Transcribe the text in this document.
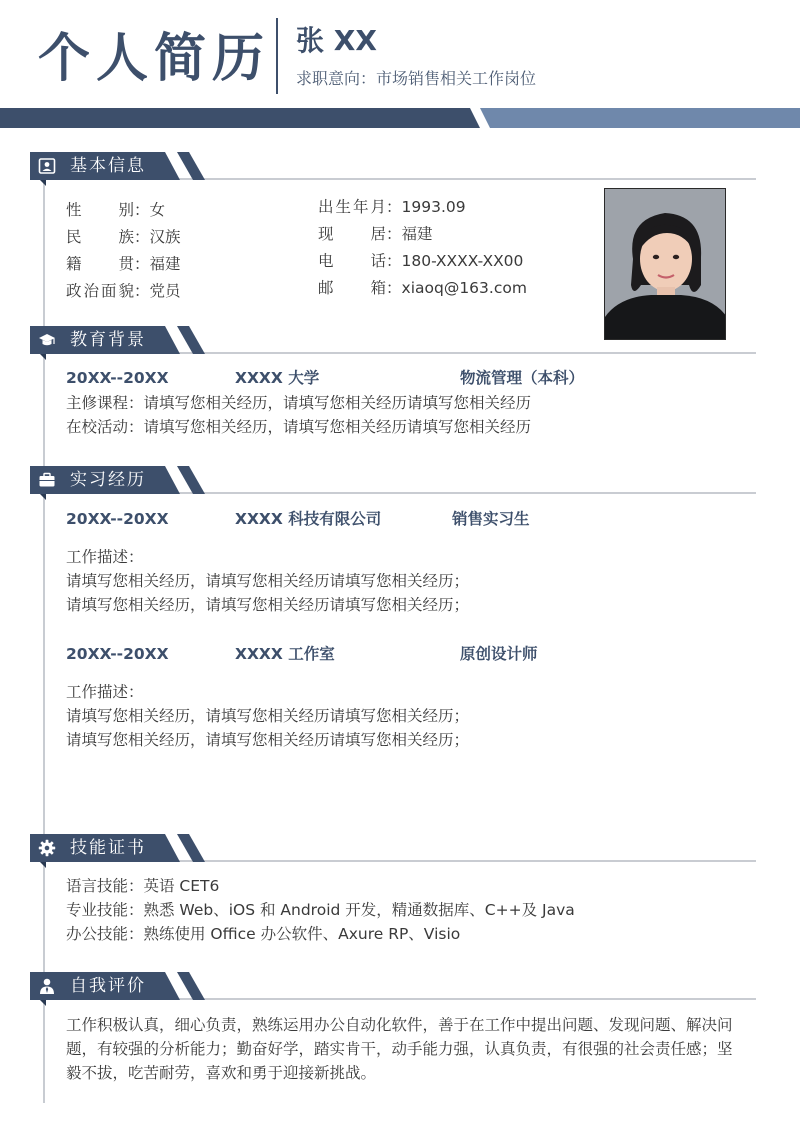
个人简历 张 XX
求职意向：市场销售相关工作岗位
基本信息
性别：女
民族：汉族
籍贯：福建
政治面貌：党员
出生年月：1993.09
现居：福建
电话：180-XXXX-XX00
邮箱：xiaoq@163.com
教育背景
20XX--20XX	XXXX 大学	物流管理（本科）
主修课程：请填写您相关经历，请填写您相关经历请填写您相关经历
在校活动：请填写您相关经历，请填写您相关经历请填写您相关经历
实习经历
20XX--20XX	XXXX 科技有限公司	销售实习生
工作描述：
请填写您相关经历，请填写您相关经历请填写您相关经历；
请填写您相关经历，请填写您相关经历请填写您相关经历；
20XX--20XX	XXXX 工作室	原创设计师
工作描述：
请填写您相关经历，请填写您相关经历请填写您相关经历；
请填写您相关经历，请填写您相关经历请填写您相关经历；
技能证书
语言技能：英语 CET6
专业技能：熟悉 Web、iOS 和 Android 开发，精通数据库、C++及 Java
办公技能：熟练使用 Office 办公软件、Axure RP、Visio
自我评价
工作积极认真，细心负责，熟练运用办公自动化软件，善于在工作中提出问题、发现问题、解决问
题，有较强的分析能力；勤奋好学，踏实肯干，动手能力强，认真负责，有很强的社会责任感；坚
毅不拔，吃苦耐劳，喜欢和勇于迎接新挑战。
